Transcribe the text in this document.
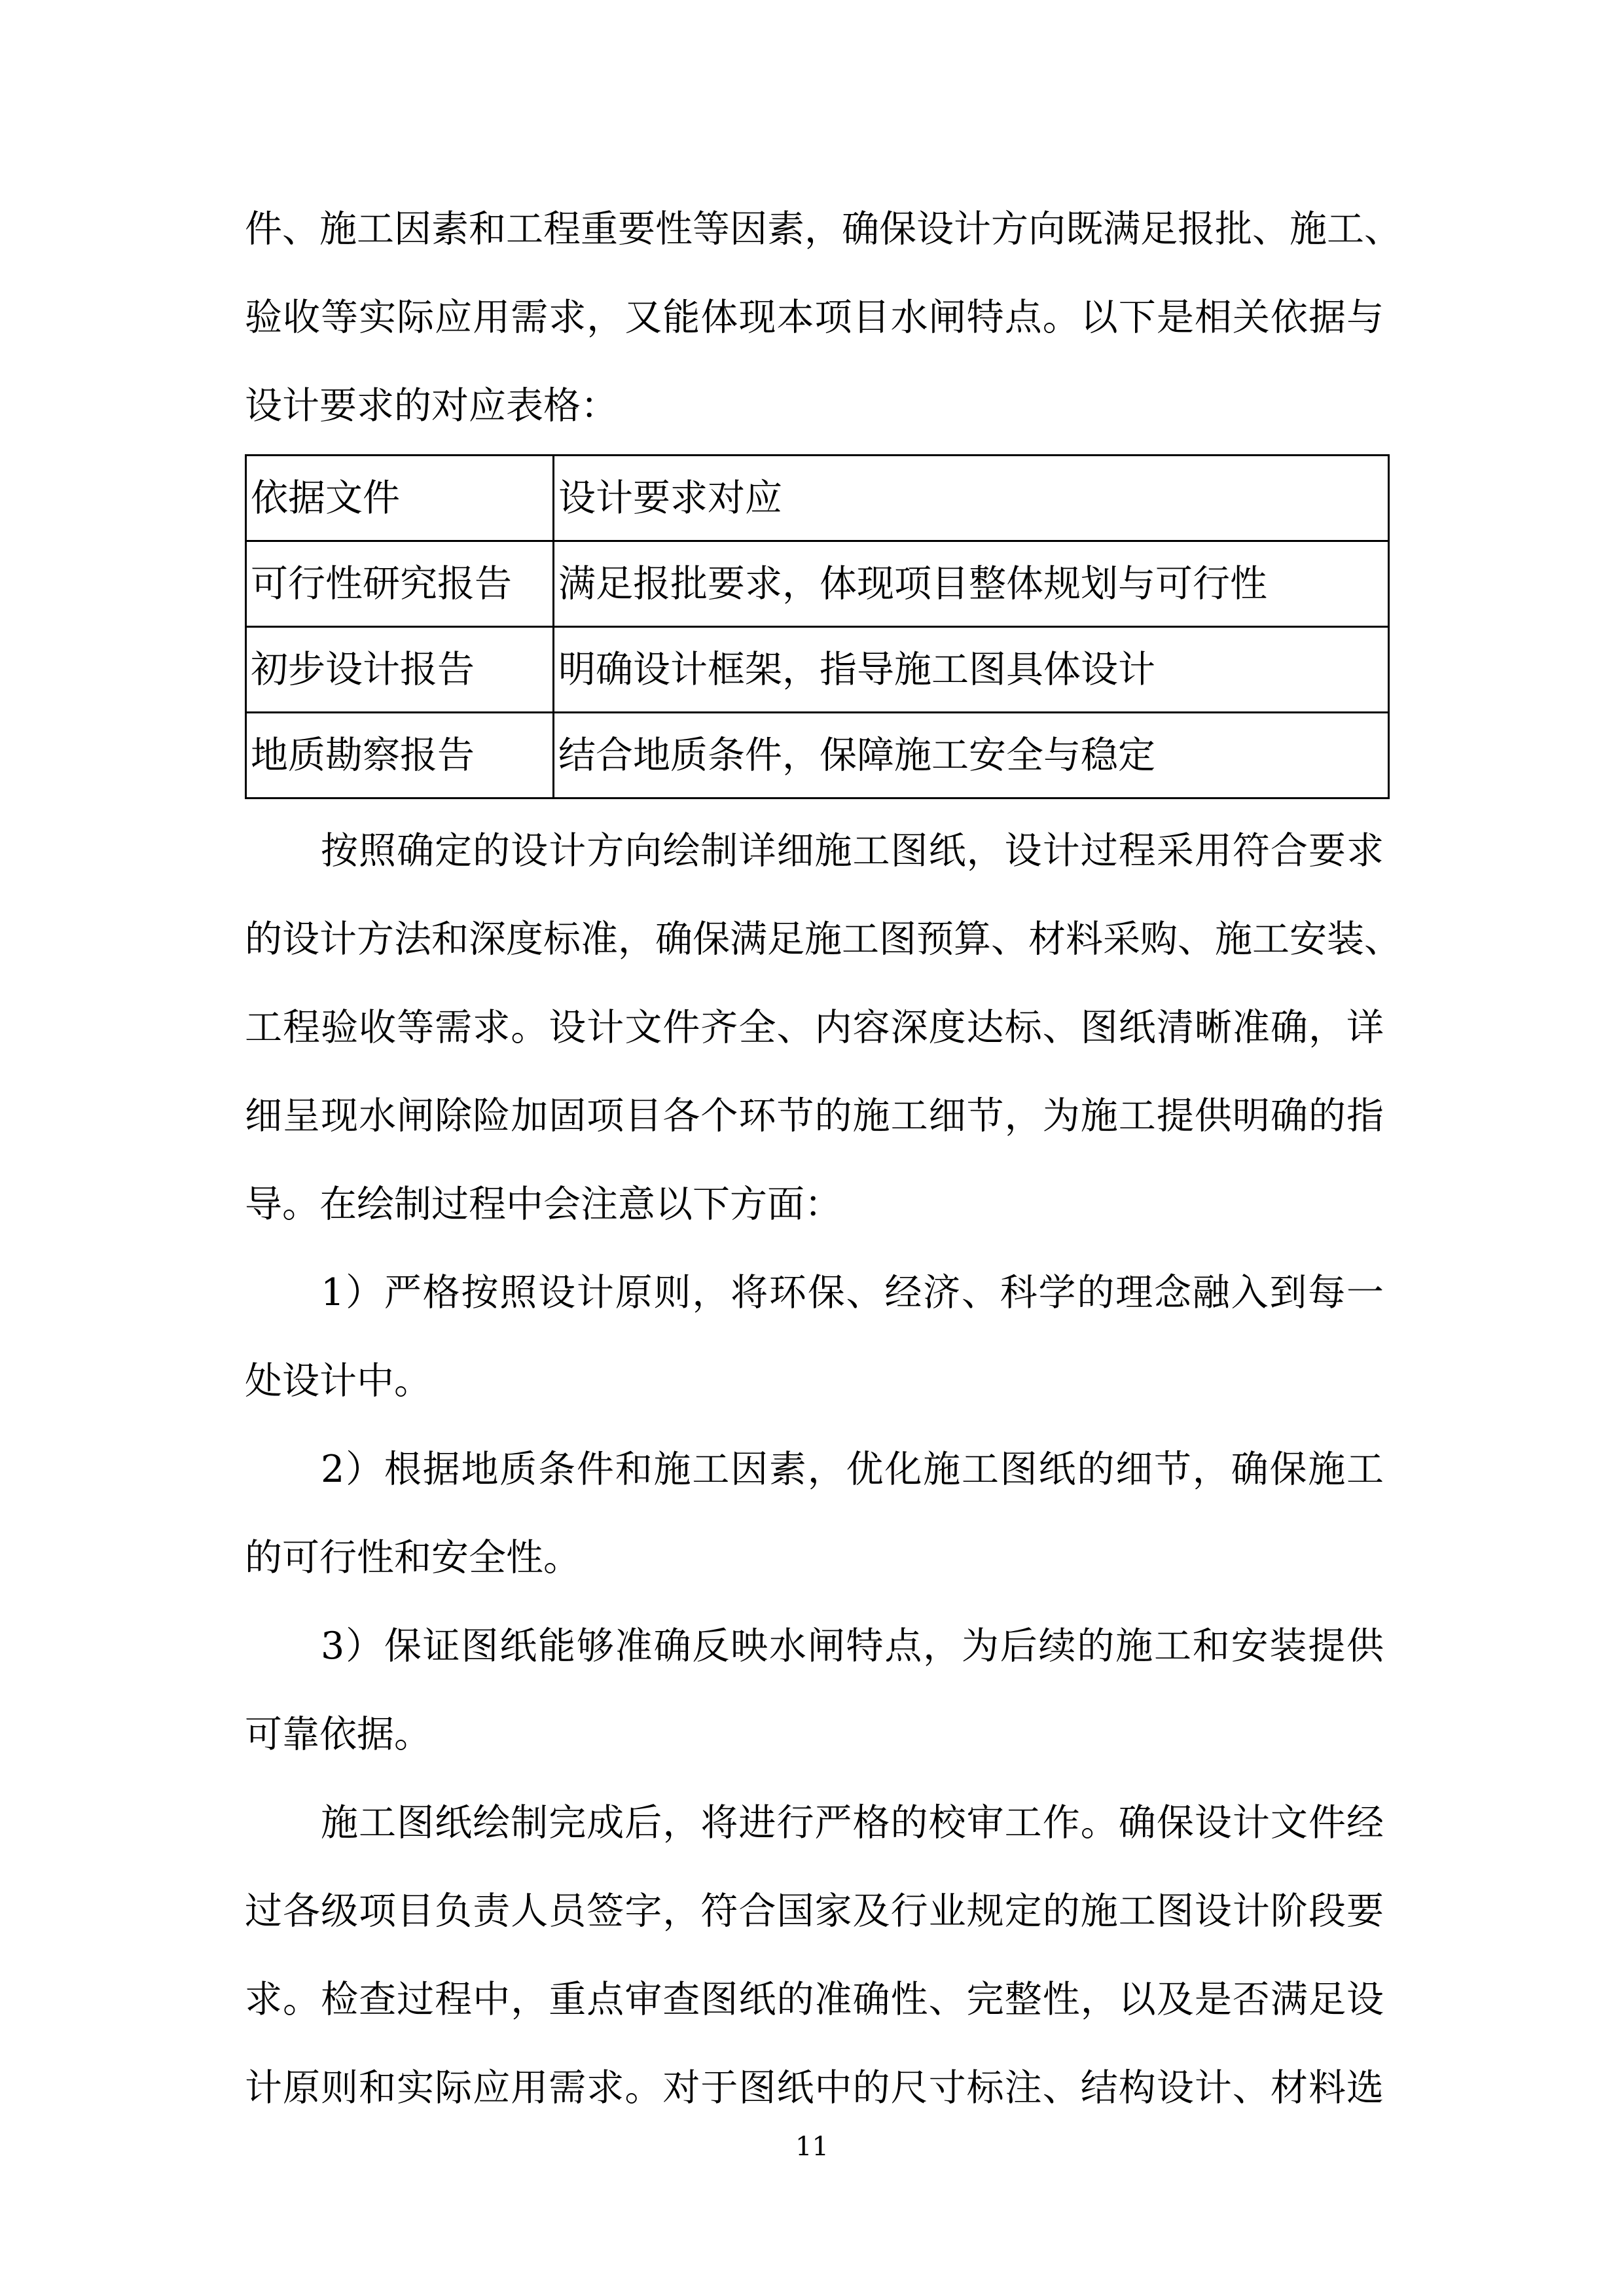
件、施工因素和工程重要性等因素，确保设计方向既满足报批、施工、
验收等实际应用需求，又能体现本项目水闸特点。以下是相关依据与
设计要求的对应表格：
依据文件	设计要求对应
可行性研究报告	满足报批要求，体现项目整体规划与可行性
初步设计报告	明确设计框架，指导施工图具体设计
地质勘察报告	结合地质条件，保障施工安全与稳定
按照确定的设计方向绘制详细施工图纸，设计过程采用符合要求
的设计方法和深度标准，确保满足施工图预算、材料采购、施工安装、
工程验收等需求。设计文件齐全、内容深度达标、图纸清晰准确，详
细呈现水闸除险加固项目各个环节的施工细节，为施工提供明确的指
导。在绘制过程中会注意以下方面：
1）严格按照设计原则，将环保、经济、科学的理念融入到每一
处设计中。
2）根据地质条件和施工因素，优化施工图纸的细节，确保施工
的可行性和安全性。
3）保证图纸能够准确反映水闸特点，为后续的施工和安装提供
可靠依据。
施工图纸绘制完成后，将进行严格的校审工作。确保设计文件经
过各级项目负责人员签字，符合国家及行业规定的施工图设计阶段要
求。检查过程中，重点审查图纸的准确性、完整性，以及是否满足设
计原则和实际应用需求。对于图纸中的尺寸标注、结构设计、材料选
11
